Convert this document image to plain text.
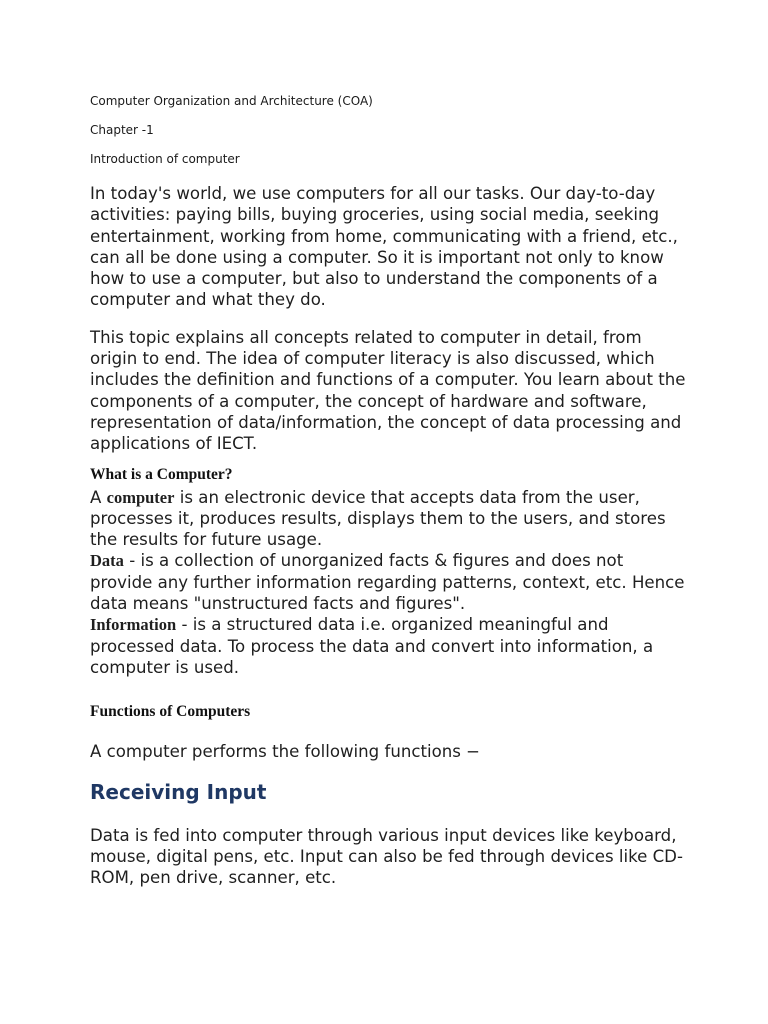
Computer Organization and Architecture (COA)

Chapter -1

Introduction of computer

In today's world, we use computers for all our tasks. Our day-to-day activities: paying bills, buying groceries, using social media, seeking entertainment, working from home, communicating with a friend, etc., can all be done using a computer. So it is important not only to know how to use a computer, but also to understand the components of a computer and what they do.

This topic explains all concepts related to computer in detail, from origin to end. The idea of computer literacy is also discussed, which includes the definition and functions of a computer. You learn about the components of a computer, the concept of hardware and software, representation of data/information, the concept of data processing and applications of IECT.

What is a Computer?

A computer is an electronic device that accepts data from the user, processes it, produces results, displays them to the users, and stores the results for future usage.

Data - is a collection of unorganized facts & figures and does not provide any further information regarding patterns, context, etc. Hence data means "unstructured facts and figures".

Information - is a structured data i.e. organized meaningful and processed data. To process the data and convert into information, a computer is used.

Functions of Computers

A computer performs the following functions −

Receiving Input

Data is fed into computer through various input devices like keyboard, mouse, digital pens, etc. Input can also be fed through devices like CD-ROM, pen drive, scanner, etc.
